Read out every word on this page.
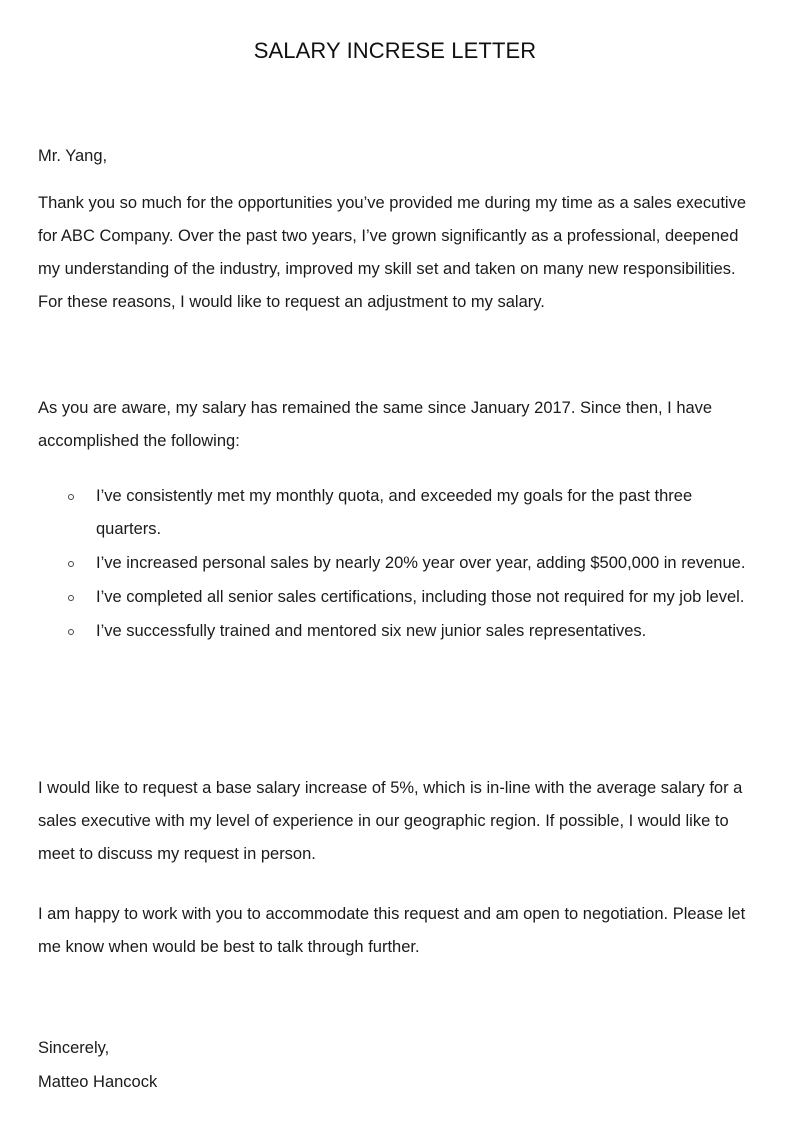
SALARY INCRESE LETTER

Mr. Yang,

Thank you so much for the opportunities you’ve provided me during my time as a sales executive for ABC Company. Over the past two years, I’ve grown significantly as a professional, deepened my understanding of the industry, improved my skill set and taken on many new responsibilities. For these reasons, I would like to request an adjustment to my salary.

As you are aware, my salary has remained the same since January 2017. Since then, I have accomplished the following:

I’ve consistently met my monthly quota, and exceeded my goals for the past three quarters.
I’ve increased personal sales by nearly 20% year over year, adding $500,000 in revenue.
I’ve completed all senior sales certifications, including those not required for my job level.
I’ve successfully trained and mentored six new junior sales representatives.

I would like to request a base salary increase of 5%, which is in-line with the average salary for a sales executive with my level of experience in our geographic region. If possible, I would like to meet to discuss my request in person.

I am happy to work with you to accommodate this request and am open to negotiation. Please let me know when would be best to talk through further.

Sincerely,

Matteo Hancock
